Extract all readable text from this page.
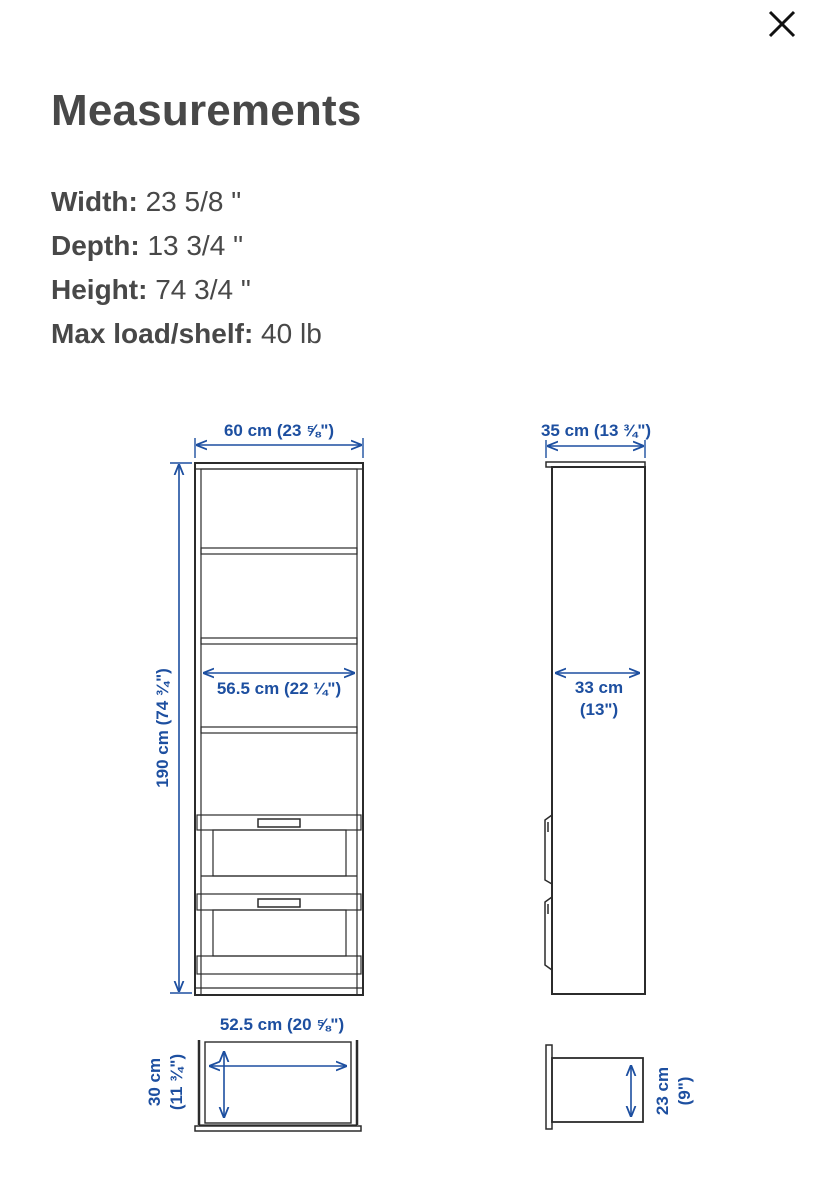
Measurements
Width: 23 5/8 "
Depth: 13 3/4 "
Height: 74 3/4 "
Max load/shelf: 40 lb
60 cm (23 ⅝")
190 cm (74 ¾")	56.5 cm (22 ¼")
35 cm (13 ¾")
33 cm
(13")
52.5 cm (20 ⅝")
30 cm (11 ¾")	23 cm (9")
